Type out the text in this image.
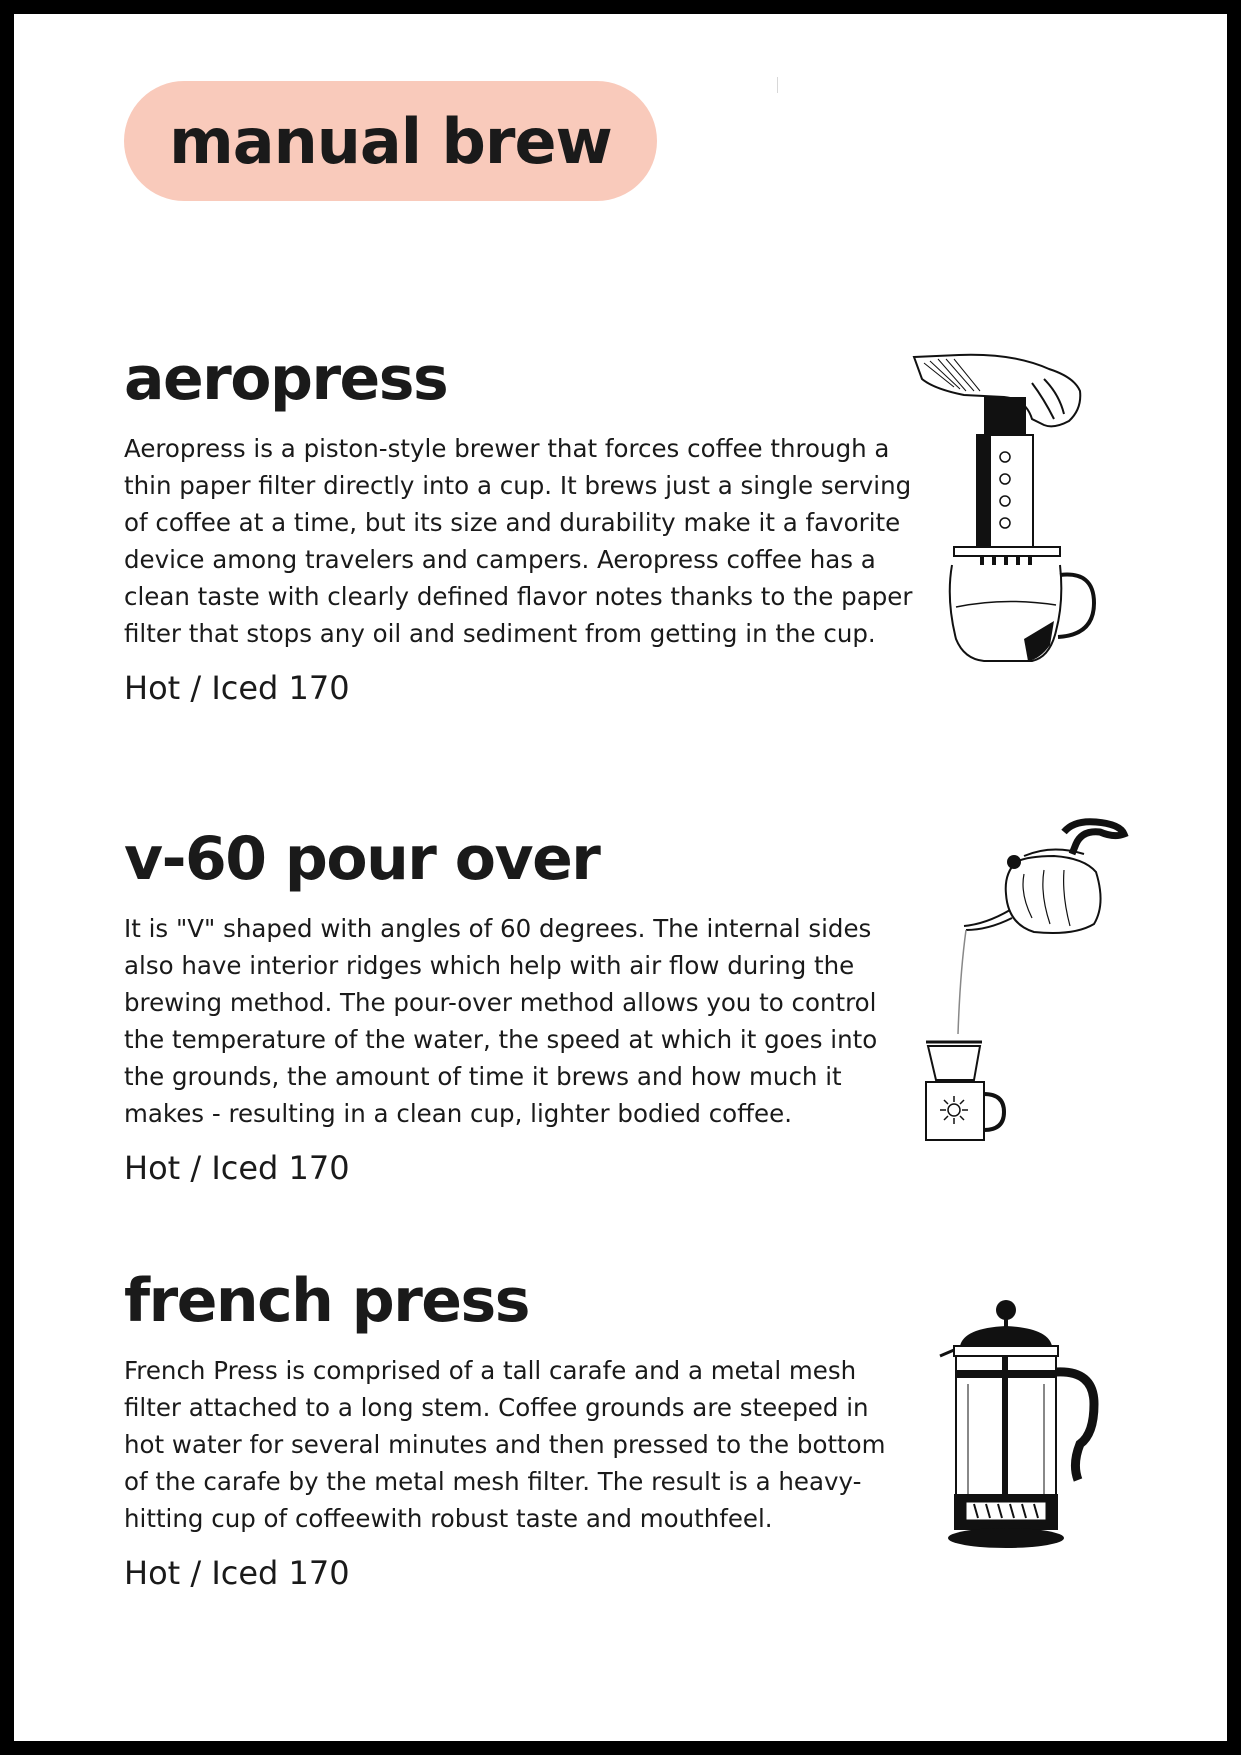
manual brew
aeropress

Aeropress is a piston-style brewer that forces coffee through a thin paper filter directly into a cup. It brews just a single serving of coffee at a time, but its size and durability make it a favorite device among travelers and campers. Aeropress coffee has a clean taste with clearly defined flavor notes thanks to the paper filter that stops any oil and sediment from getting in the cup.

Hot / Iced 170
v-60 pour over

It is "V" shaped with angles of 60 degrees. The internal sides also have interior ridges which help with air flow during the brewing method. The pour-over method allows you to control the temperature of the water, the speed at which it goes into the grounds, the amount of time it brews and how much it makes - resulting in a clean cup, lighter bodied coffee.

Hot / Iced 170
french press

French Press is comprised of a tall carafe and a metal mesh filter attached to a long stem. Coffee grounds are steeped in hot water for several minutes and then pressed to the bottom of the carafe by the metal mesh filter. The result is a heavy-hitting cup of coffeewith robust taste and mouthfeel.

Hot / Iced 170
